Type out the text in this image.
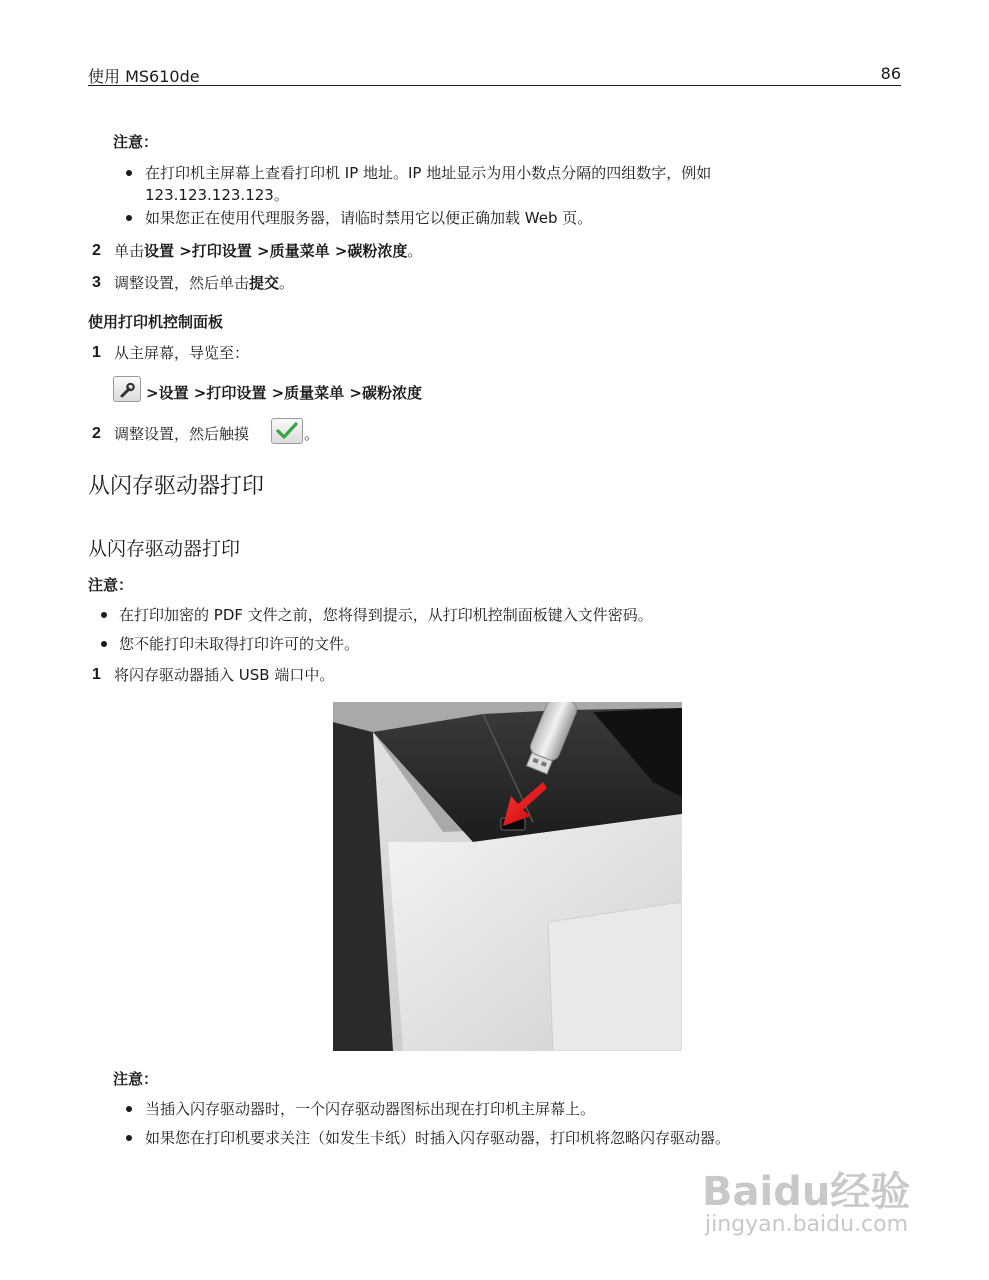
使用 MS610de	86
注意：
在打印机主屏幕上查看打印机 IP 地址。IP 地址显示为用小数点分隔的四组数字，例如
123.123.123.123。
如果您正在使用代理服务器，请临时禁用它以便正确加载 Web 页。
2 单击设置 >打印设置 >质量菜单 >碳粉浓度。
3 调整设置，然后单击提交。
使用打印机控制面板
1 从主屏幕，导览至：
>设置 >打印设置 >质量菜单 >碳粉浓度
2 调整设置，然后触摸	。
从闪存驱动器打印
从闪存驱动器打印
注意：
在打印加密的 PDF 文件之前，您将得到提示，从打印机控制面板键入文件密码。
您不能打印未取得打印许可的文件。
1 将闪存驱动器插入 USB 端口中。
注意：
当插入闪存驱动器时，一个闪存驱动器图标出现在打印机主屏幕上。
如果您在打印机要求关注（如发生卡纸）时插入闪存驱动器，打印机将忽略闪存驱动器。
Baidu经验
jingyan.baidu.com
